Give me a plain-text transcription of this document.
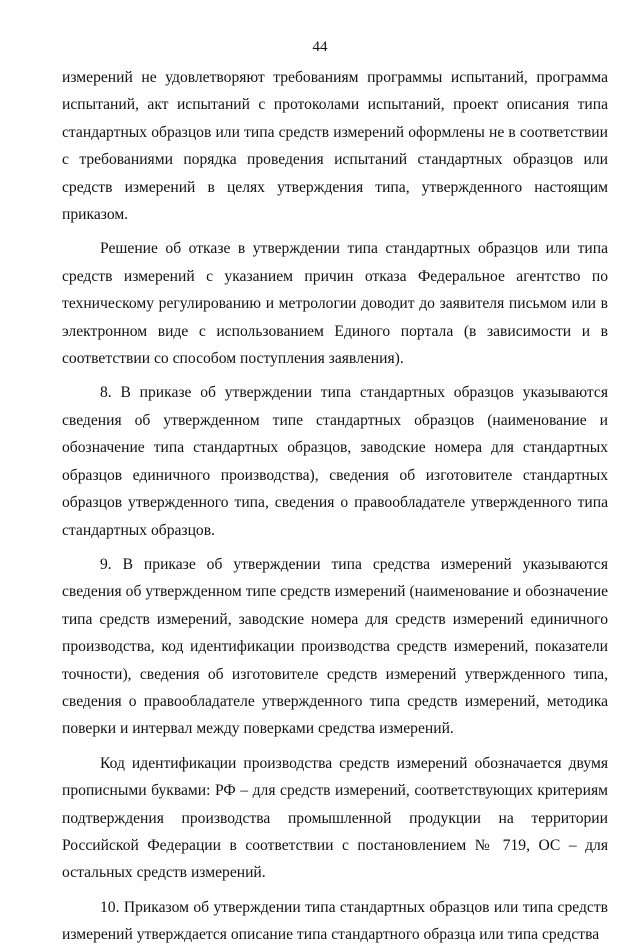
44

измерений не удовлетворяют требованиям программы испытаний, программа испытаний, акт испытаний с протоколами испытаний, проект описания типа стандартных образцов или типа средств измерений оформлены не в соответствии с требованиями порядка проведения испытаний стандартных образцов или средств измерений в целях утверждения типа, утвержденного настоящим приказом.

Решение об отказе в утверждении типа стандартных образцов или типа средств измерений с указанием причин отказа Федеральное агентство по техническому регулированию и метрологии доводит до заявителя письмом или в электронном виде с использованием Единого портала (в зависимости и в соответствии со способом поступления заявления).

8. В приказе об утверждении типа стандартных образцов указываются сведения об утвержденном типе стандартных образцов (наименование и обозначение типа стандартных образцов, заводские номера для стандартных образцов единичного производства), сведения об изготовителе стандартных образцов утвержденного типа, сведения о правообладателе утвержденного типа стандартных образцов.

9. В приказе об утверждении типа средства измерений указываются сведения об утвержденном типе средств измерений (наименование и обозначение типа средств измерений, заводские номера для средств измерений единичного производства, код идентификации производства средств измерений, показатели точности), сведения об изготовителе средств измерений утвержденного типа, сведения о правообладателе утвержденного типа средств измерений, методика поверки и интервал между поверками средства измерений.

Код идентификации производства средств измерений обозначается двумя прописными буквами: РФ – для средств измерений, соответствующих критериям подтверждения производства промышленной продукции на территории Российской Федерации в соответствии с постановлением № 719, ОС – для остальных средств измерений.

10. Приказом об утверждении типа стандартных образцов или типа средств измерений утверждается описание типа стандартного образца или типа средства
